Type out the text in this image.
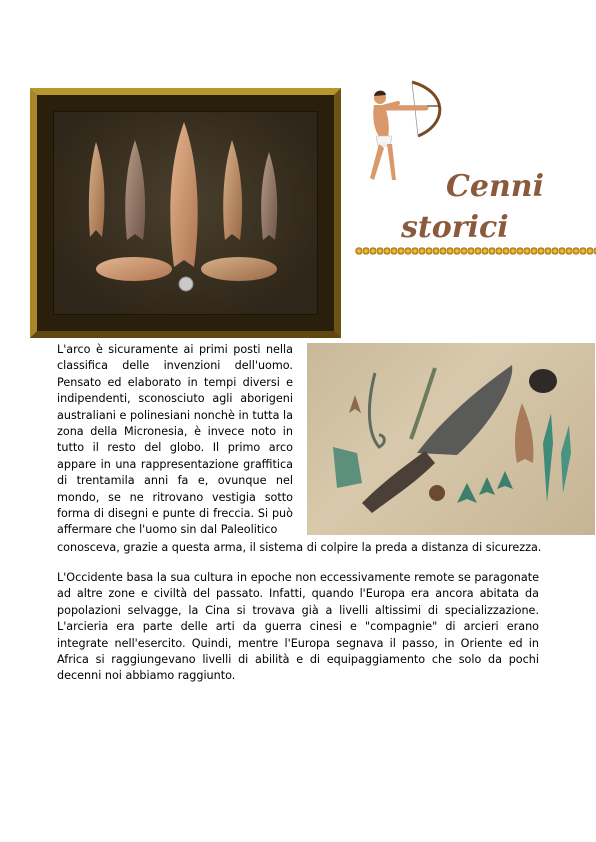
Cenni
storici

L'arco è sicuramente ai primi posti nella classifica delle invenzioni dell'uomo. Pensato ed elaborato in tempi diversi e indipendenti, sconosciuto agli aborigeni australiani e polinesiani nonchè in tutta la zona della Micronesia, è invece noto in tutto il resto del globo. Il primo arco appare in una rappresentazione graffitica di trentamila anni fa e, ovunque nel mondo, se ne ritrovano vestigia sotto forma di disegni e punte di freccia. Si può affermare che l'uomo sin dal Paleolitico

conosceva, grazie a questa arma, il sistema di colpire la preda a distanza di sicurezza.

L'Occidente basa la sua cultura in epoche non eccessivamente remote se paragonate ad altre zone e civiltà del passato. Infatti, quando l'Europa era ancora abitata da popolazioni selvagge, la Cina si trovava già a livelli altissimi di specializzazione. L'arcieria era parte delle arti da guerra cinesi e "compagnie" di arcieri erano integrate nell'esercito. Quindi, mentre l'Europa segnava il passo, in Oriente ed in Africa si raggiungevano livelli di abilità e di equipaggiamento che solo da pochi decenni noi abbiamo raggiunto.
